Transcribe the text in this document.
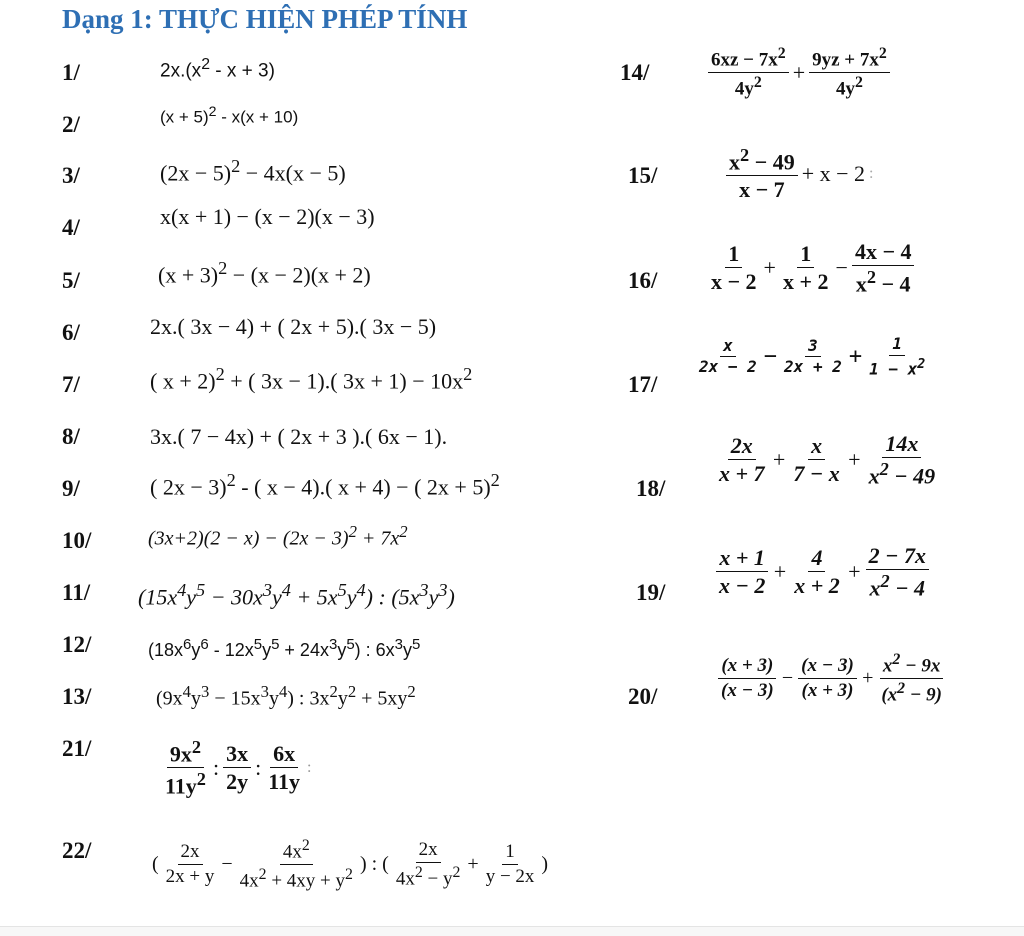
Dạng 1: THỰC HIỆN PHÉP TÍNH
1/
2/
3/
4/
5/
6/
7/
8/
9/
10/
11/
12/
13/
21/
22/
14/
15/
16/
17/
18/
19/
20/
$2x.(x^2 - x + 3)$
$(x + 5)^2 - x(x + 10)$
$(2x - 5)^2 - 4x(x - 5)$
x(x + 1) − (x − 2)(x − 3)
$(x + 3)^2 - (x - 2)(x + 2)$
2x.( 3x − 4) + ( 2x + 5).( 3x − 5)
( x + 2)$^2$ + ( 3x − 1).( $3x + 1) - 10x^2$
3x.( 7 − 4x) + ( 2x + 3 ).( 6x − 1).
( 2x − 3)$^2$ - ( x − 4).( x + 4) − ( 2x + 5)$^2$
$(3x+2)(2 - x) - (2x - 3)^2 + 7x^2$
$(15x^4y^5 - 30x^3y^4 + 5x^5y^4)$ : $(5x^3y^3)$
$(18x^6y^6 - 12x^5y^5 + 24x^3y^5)$ : $6x^3y^5$
$(9x^4y^3 - 15x^3y^4)$ : $3x^2y^2 + 5xy^2$
$\frac{9x^2}{11y^2}$ : $\frac{3x}{2y}$ : $\frac{6x}{11y}$ :
( $\frac{2x}{2x + y} - \frac{4x^2}{4x^2 + 4xy + y^2}$ ) : ( $\frac{2x}{4x^2 - y^2} + \frac{1}{y - 2x}$ )
$\frac{6xz - 7x^2}{4y^2} + \frac{9yz + 7x^2}{4y^2}$
$\frac{x^2 - 49}{x - 7} + x - 2$ :
$\frac{1}{x - 2} + \frac{1}{x + 2} - \frac{4x - 4}{x^2 - 4}$
$\frac{x}{2x - 2} - \frac{3}{2x + 2} + \frac{1}{1 - x^2}$
$\frac{2x}{x + 7} + \frac{x}{7 - x} + \frac{14x}{x^2 - 49}$
$\frac{x + 1}{x - 2} + \frac{4}{x + 2} + \frac{2 - 7x}{x^2 - 4}$
$\frac{(x + 3)}{(x - 3)} - \frac{(x - 3)}{(x + 3)} + \frac{x^2 - 9x}{(x^2 - 9)}$
